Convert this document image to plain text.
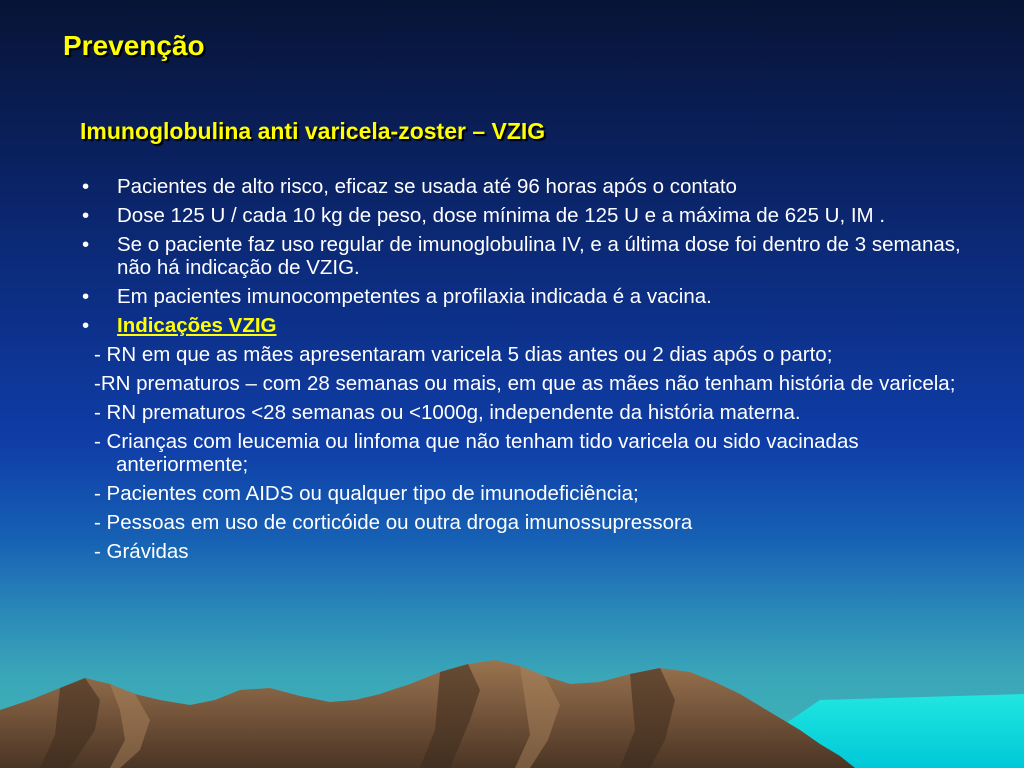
Prevenção
Imunoglobulina anti varicela-zoster – VZIG
• Pacientes de alto risco, eficaz se usada até 96 horas após o contato
• Dose 125 U / cada 10 kg de peso, dose mínima de 125 U e a máxima de 625 U, IM .
• Se o paciente faz uso regular de imunoglobulina IV, e a última dose foi dentro de 3 semanas, não há indicação de VZIG.
• Em pacientes imunocompetentes a profilaxia indicada é a vacina.
• Indicações VZIG
- RN em que as mães apresentaram varicela 5 dias antes ou 2 dias após o parto;
-RN prematuros – com 28 semanas ou mais, em que as mães não tenham história de varicela;
- RN prematuros <28 semanas ou <1000g, independente da história materna.
- Crianças com leucemia ou linfoma que não tenham tido varicela ou sido vacinadas anteriormente;
- Pacientes com AIDS ou qualquer tipo de imunodeficiência;
- Pessoas em uso de corticóide ou outra droga imunossupressora
- Grávidas
